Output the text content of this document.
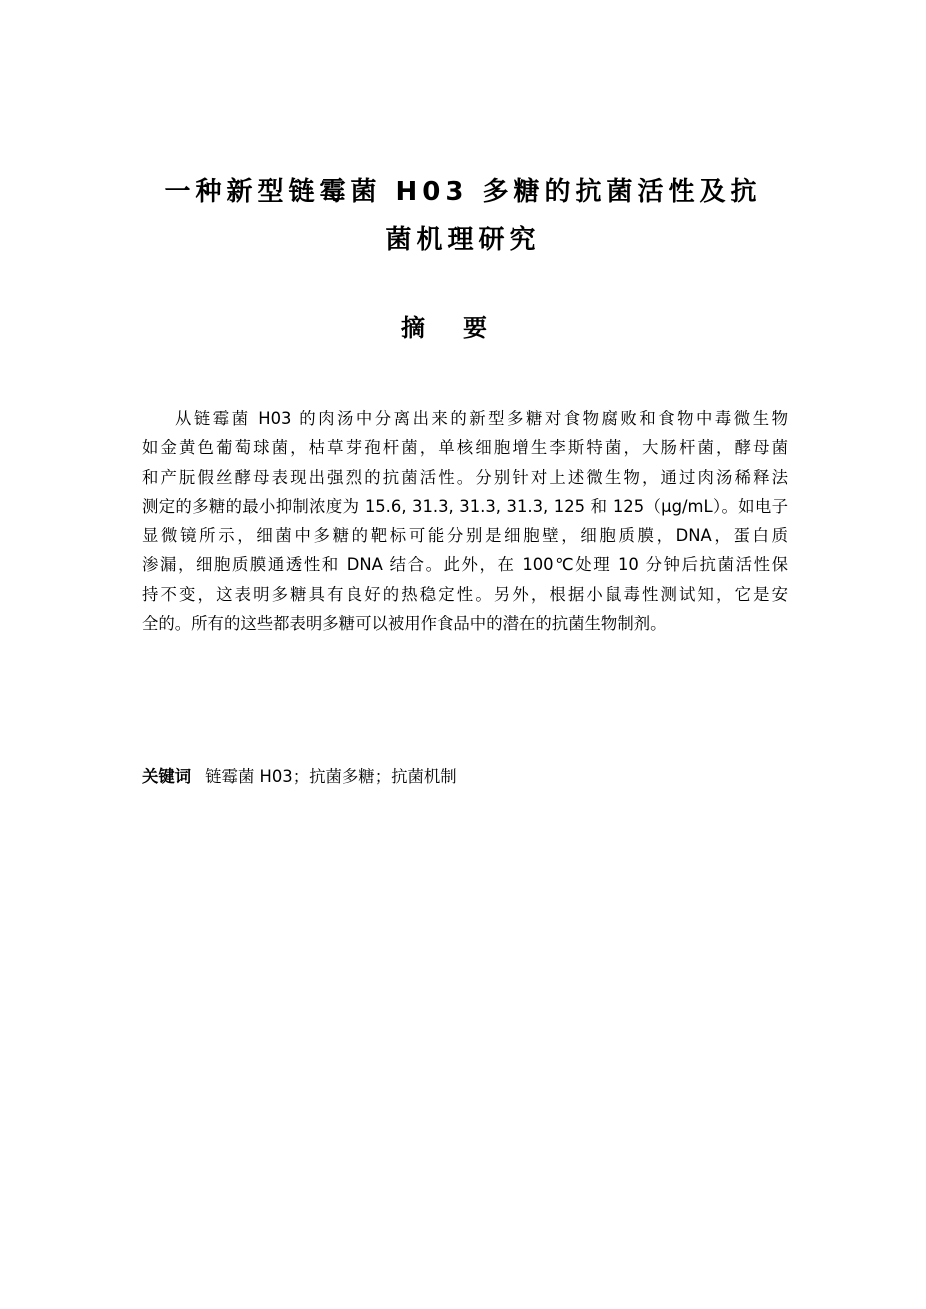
一种新型链霉菌 H03 多糖的抗菌活性及抗
菌机理研究
摘要
从链霉菌 H03 的肉汤中分离出来的新型多糖对食物腐败和食物中毒微生物
如金黄色葡萄球菌，枯草芽孢杆菌，单核细胞增生李斯特菌，大肠杆菌，酵母菌
和产朊假丝酵母表现出强烈的抗菌活性。分别针对上述微生物，通过肉汤稀释法
测定的多糖的最小抑制浓度为 15.6, 31.3, 31.3, 31.3, 125 和 125（μg/mL）。如电子
显微镜所示，细菌中多糖的靶标可能分别是细胞壁，细胞质膜，DNA，蛋白质
渗漏，细胞质膜通透性和 DNA 结合。此外，在 100℃处理 10 分钟后抗菌活性保
持不变，这表明多糖具有良好的热稳定性。另外，根据小鼠毒性测试知，它是安
全的。所有的这些都表明多糖可以被用作食品中的潜在的抗菌生物制剂。
关键词 链霉菌 H03；抗菌多糖；抗菌机制
